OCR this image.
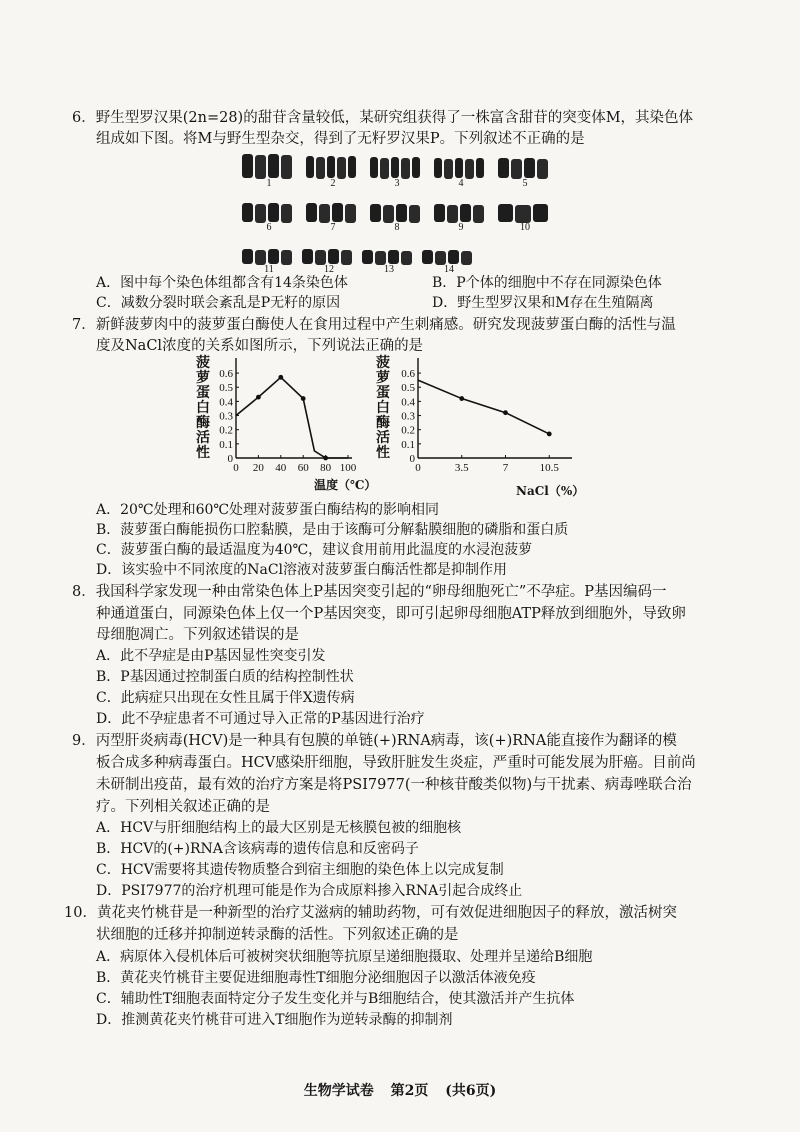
6．野生型罗汉果(2n=28)的甜苷含量较低，某研究组获得了一株富含甜苷的突变体M，其染色体
组成如下图。将M与野生型杂交，得到了无籽罗汉果P。下列叙述不正确的是
1	2	3	4	5
6	7	8	9	10
11	12	13	14
A．图中每个染色体组都含有14条染色体	B．P个体的细胞中不存在同源染色体
C．减数分裂时联会紊乱是P无籽的原因	D．野生型罗汉果和M存在生殖隔离
7．新鲜菠萝肉中的菠萝蛋白酶使人在食用过程中产生刺痛感。研究发现菠萝蛋白酶的活性与温
度及NaCl浓度的关系如图所示，下列说法正确的是
菠
萝
蛋
白
酶
活
性 0
0.1
0.2
0.3
0.4
0.5
0.6
0 20 40 60 80 100
温度（℃）
菠
萝
蛋
白
酶
活
性 0
0.1
0.2
0.3
0.4
0.5
0.6
0	3.5	7	10.5
NaCl（%）
A．20℃处理和60℃处理对菠萝蛋白酶结构的影响相同
B．菠萝蛋白酶能损伤口腔黏膜，是由于该酶可分解黏膜细胞的磷脂和蛋白质
C．菠萝蛋白酶的最适温度为40℃，建议食用前用此温度的水浸泡菠萝
D．该实验中不同浓度的NaCl溶液对菠萝蛋白酶活性都是抑制作用
8．我国科学家发现一种由常染色体上P基因突变引起的“卵母细胞死亡”不孕症。P基因编码一
种通道蛋白，同源染色体上仅一个P基因突变，即可引起卵母细胞ATP释放到细胞外，导致卵
母细胞凋亡。下列叙述错误的是
A．此不孕症是由P基因显性突变引发
B．P基因通过控制蛋白质的结构控制性状
C．此病症只出现在女性且属于伴X遗传病
D．此不孕症患者不可通过导入正常的P基因进行治疗
9．丙型肝炎病毒(HCV)是一种具有包膜的单链(+)RNA病毒，该(+)RNA能直接作为翻译的模
板合成多种病毒蛋白。HCV感染肝细胞，导致肝脏发生炎症，严重时可能发展为肝癌。目前尚
未研制出疫苗，最有效的治疗方案是将PSI7977(一种核苷酸类似物)与干扰素、病毒唑联合治
疗。下列相关叙述正确的是
A．HCV与肝细胞结构上的最大区别是无核膜包被的细胞核
B．HCV的(+)RNA含该病毒的遗传信息和反密码子
C．HCV需要将其遗传物质整合到宿主细胞的染色体上以完成复制
D．PSI7977的治疗机理可能是作为合成原料掺入RNA引起合成终止
10．黄花夹竹桃苷是一种新型的治疗艾滋病的辅助药物，可有效促进细胞因子的释放，激活树突
状细胞的迁移并抑制逆转录酶的活性。下列叙述正确的是
A．病原体入侵机体后可被树突状细胞等抗原呈递细胞摄取、处理并呈递给B细胞
B．黄花夹竹桃苷主要促进细胞毒性T细胞分泌细胞因子以激活体液免疫
C．辅助性T细胞表面特定分子发生变化并与B细胞结合，使其激活并产生抗体
D．推测黄花夹竹桃苷可进入T细胞作为逆转录酶的抑制剂
生物学试卷 第2页 (共6页)
